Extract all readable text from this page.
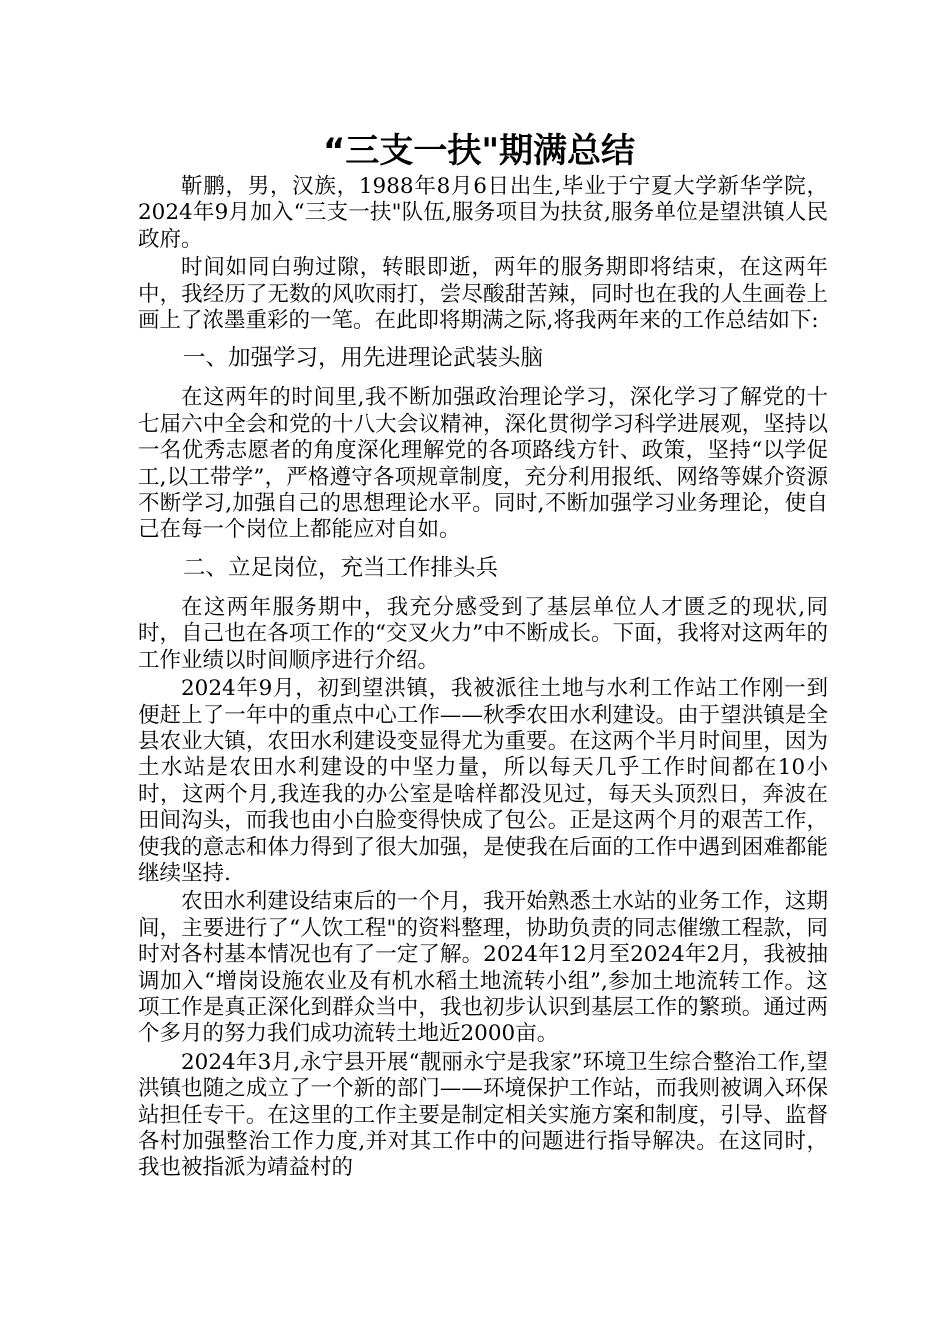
“三支一扶"期满总结

靳鹏，男，汉族，1988年8月6日出生,毕业于宁夏大学新华学院，2024年9月加入“三支一扶"队伍,服务项目为扶贫,服务单位是望洪镇人民政府。

时间如同白驹过隙，转眼即逝，两年的服务期即将结束，在这两年中，我经历了无数的风吹雨打，尝尽酸甜苦辣，同时也在我的人生画卷上画上了浓墨重彩的一笔。在此即将期满之际,将我两年来的工作总结如下:

一、加强学习，用先进理论武装头脑

在这两年的时间里,我不断加强政治理论学习，深化学习了解党的十七届六中全会和党的十八大会议精神，深化贯彻学习科学进展观，坚持以一名优秀志愿者的角度深化理解党的各项路线方针、政策，坚持“以学促工,以工带学”，严格遵守各项规章制度，充分利用报纸、网络等媒介资源不断学习,加强自己的思想理论水平。同时,不断加强学习业务理论，使自己在每一个岗位上都能应对自如。

二、立足岗位，充当工作排头兵

在这两年服务期中，我充分感受到了基层单位人才匮乏的现状,同时，自己也在各项工作的“交叉火力”中不断成长。下面，我将对这两年的工作业绩以时间顺序进行介绍。

2024年9月，初到望洪镇，我被派往土地与水利工作站工作刚一到便赶上了一年中的重点中心工作——秋季农田水利建设。由于望洪镇是全县农业大镇，农田水利建设变显得尤为重要。在这两个半月时间里，因为土水站是农田水利建设的中坚力量，所以每天几乎工作时间都在10小时，这两个月,我连我的办公室是啥样都没见过，每天头顶烈日，奔波在田间沟头，而我也由小白脸变得快成了包公。正是这两个月的艰苦工作，使我的意志和体力得到了很大加强，是使我在后面的工作中遇到困难都能继续坚持.

农田水利建设结束后的一个月，我开始熟悉土水站的业务工作，这期间，主要进行了“人饮工程"的资料整理，协助负责的同志催缴工程款，同时对各村基本情况也有了一定了解。2024年12月至2024年2月，我被抽调加入“增岗设施农业及有机水稻土地流转小组”,参加土地流转工作。这项工作是真正深化到群众当中，我也初步认识到基层工作的繁琐。通过两个多月的努力我们成功流转土地近2000亩。

2024年3月,永宁县开展“靓丽永宁是我家”环境卫生综合整治工作,望洪镇也随之成立了一个新的部门——环境保护工作站，而我则被调入环保站担任专干。在这里的工作主要是制定相关实施方案和制度，引导、监督各村加强整治工作力度,并对其工作中的问题进行指导解决。在这同时，我也被指派为靖益村的
